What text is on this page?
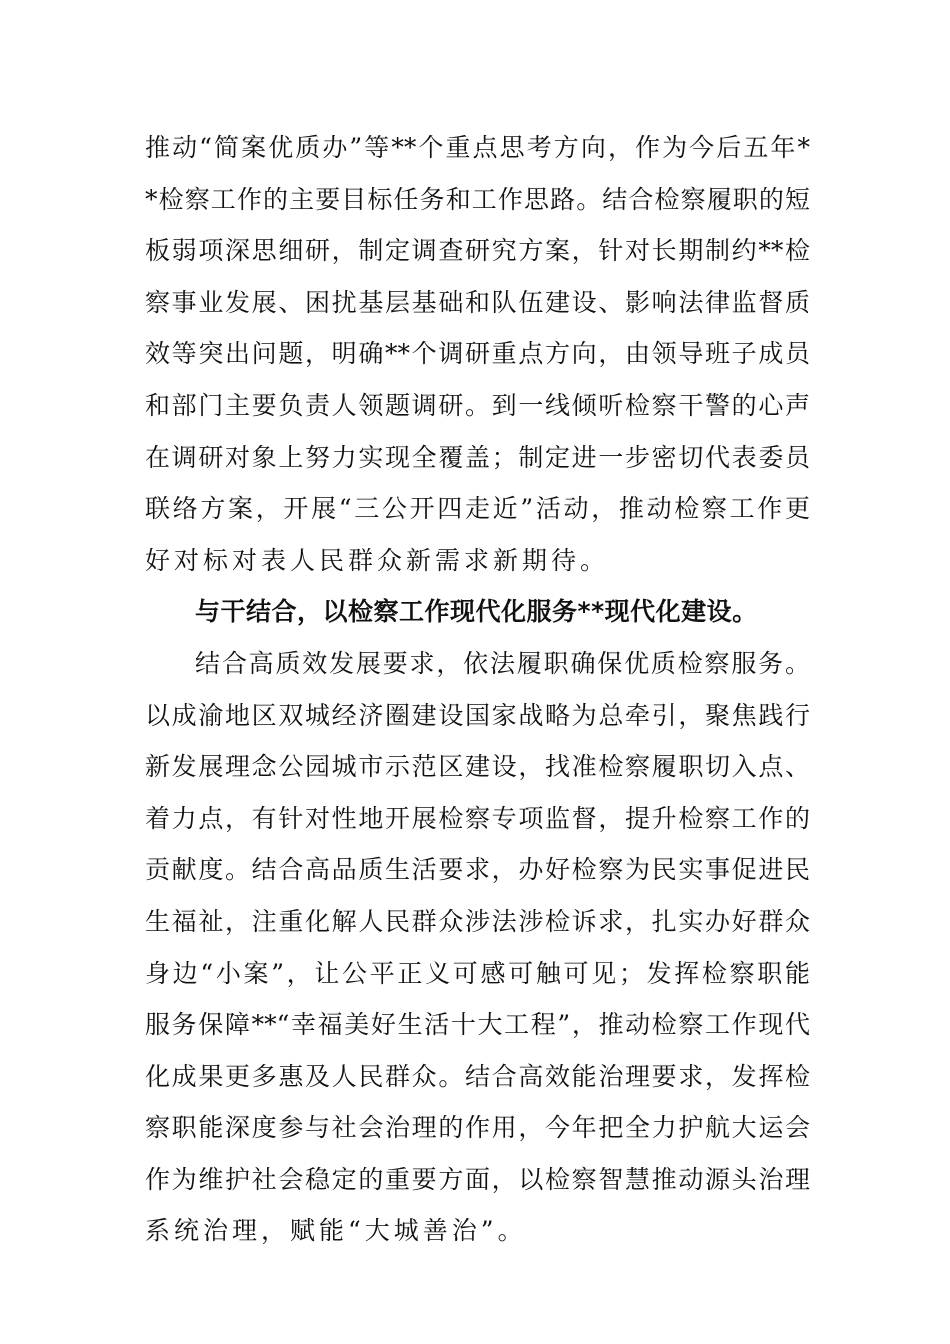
推动“简案优质办”等**个重点思考方向，作为今后五年*
*检察工作的主要目标任务和工作思路。结合检察履职的短
板弱项深思细研，制定调查研究方案，针对长期制约**检
察事业发展、困扰基层基础和队伍建设、影响法律监督质
效等突出问题，明确**个调研重点方向，由领导班子成员
和部门主要负责人领题调研。到一线倾听检察干警的心声
在调研对象上努力实现全覆盖；制定进一步密切代表委员
联络方案，开展“三公开四走近”活动，推动检察工作更
好对标对表人民群众新需求新期待。
与干结合，以检察工作现代化服务**现代化建设。
结合高质效发展要求，依法履职确保优质检察服务。
以成渝地区双城经济圈建设国家战略为总牵引，聚焦践行
新发展理念公园城市示范区建设，找准检察履职切入点、
着力点，有针对性地开展检察专项监督，提升检察工作的
贡献度。结合高品质生活要求，办好检察为民实事促进民
生福祉，注重化解人民群众涉法涉检诉求，扎实办好群众
身边“小案”，让公平正义可感可触可见；发挥检察职能
服务保障**“幸福美好生活十大工程”，推动检察工作现代
化成果更多惠及人民群众。结合高效能治理要求，发挥检
察职能深度参与社会治理的作用，今年把全力护航大运会
作为维护社会稳定的重要方面，以检察智慧推动源头治理
系统治理，赋能“大城善治”。
